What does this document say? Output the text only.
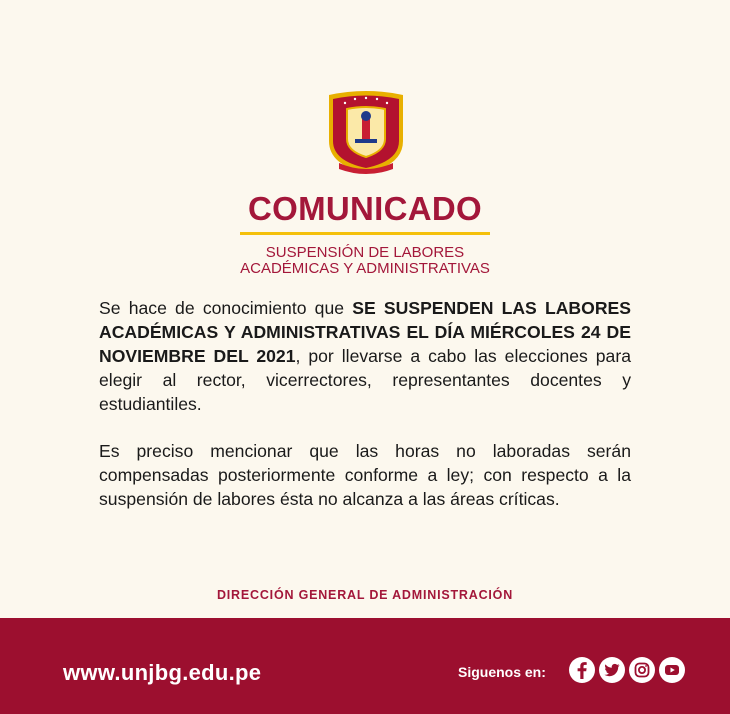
COMUNICADO
SUSPENSIÓN DE LABORES
ACADÉMICAS Y ADMINISTRATIVAS

Se hace de conocimiento que SE SUSPENDEN LAS LABORES ACADÉMICAS Y ADMINISTRATIVAS EL DÍA MIÉRCOLES 24 DE NOVIEMBRE DEL 2021, por llevarse a cabo las elecciones para elegir al rector, vicerrectores, representantes docentes y estudiantiles.

Es preciso mencionar que las horas no laboradas serán compensadas posteriormente conforme a ley; con respecto a la suspensión de labores ésta no alcanza a las áreas críticas.

DIRECCIÓN GENERAL DE ADMINISTRACIÓN
www.unjbg.edu.pe	Siguenos en:
